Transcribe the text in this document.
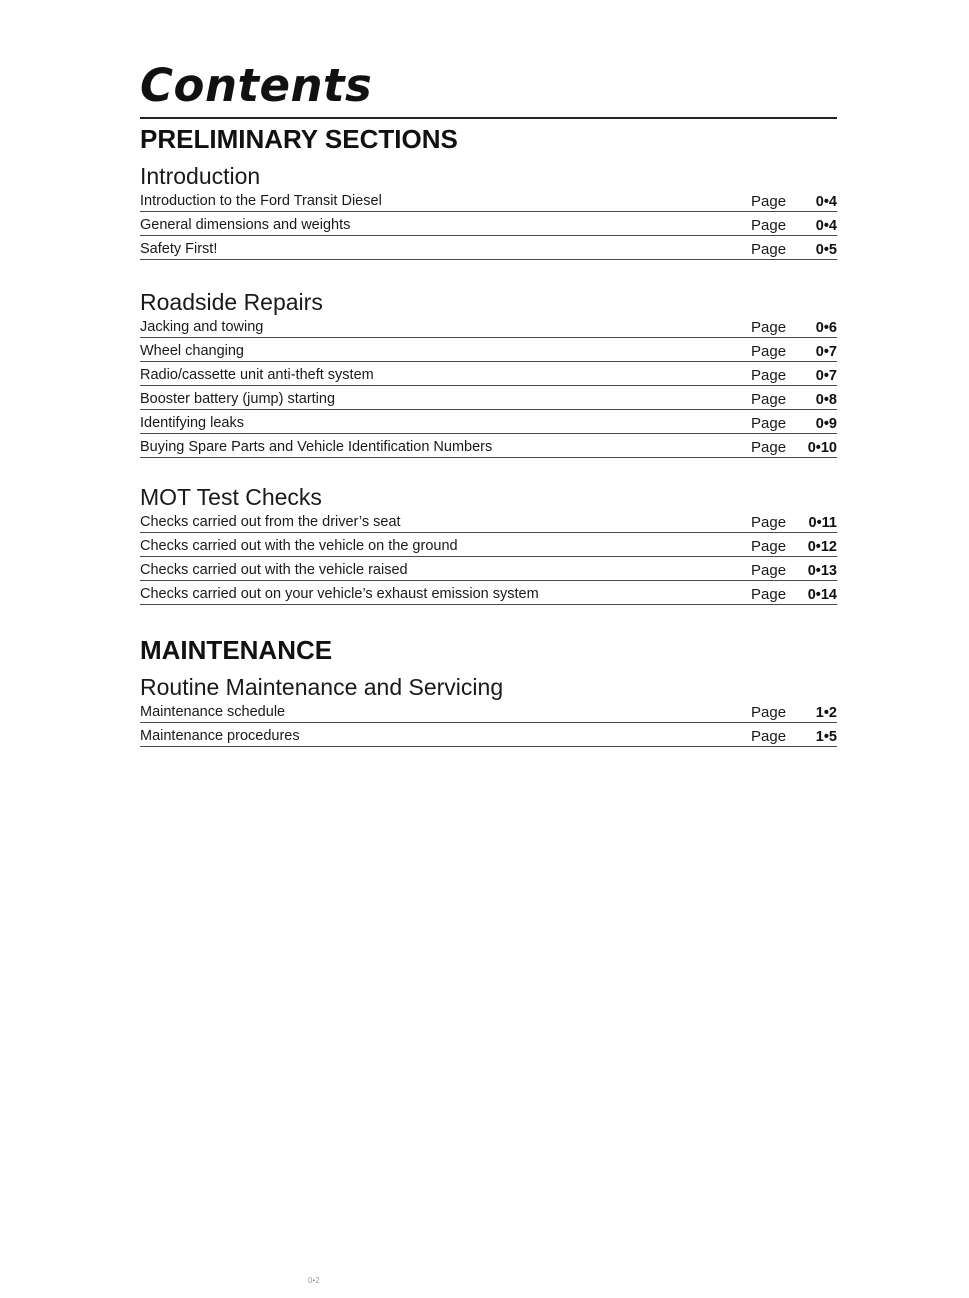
Contents
PRELIMINARY SECTIONS
Introduction
Introduction to the Ford Transit Diesel	Page 0•4
General dimensions and weights	Page 0•4
Safety First!	Page 0•5
Roadside Repairs
Jacking and towing	Page 0•6
Wheel changing	Page 0•7
Radio/cassette unit anti-theft system	Page 0•7
Booster battery (jump) starting	Page 0•8
Identifying leaks	Page 0•9
Buying Spare Parts and Vehicle Identification Numbers	Page 0•10
MOT Test Checks
Checks carried out from the driver’s seat	Page 0•11
Checks carried out with the vehicle on the ground	Page 0•12
Checks carried out with the vehicle raised	Page 0•13
Checks carried out on your vehicle’s exhaust emission system	Page 0•14
MAINTENANCE
Routine Maintenance and Servicing
Maintenance schedule	Page 1•2
Maintenance procedures	Page 1•5
0•2
